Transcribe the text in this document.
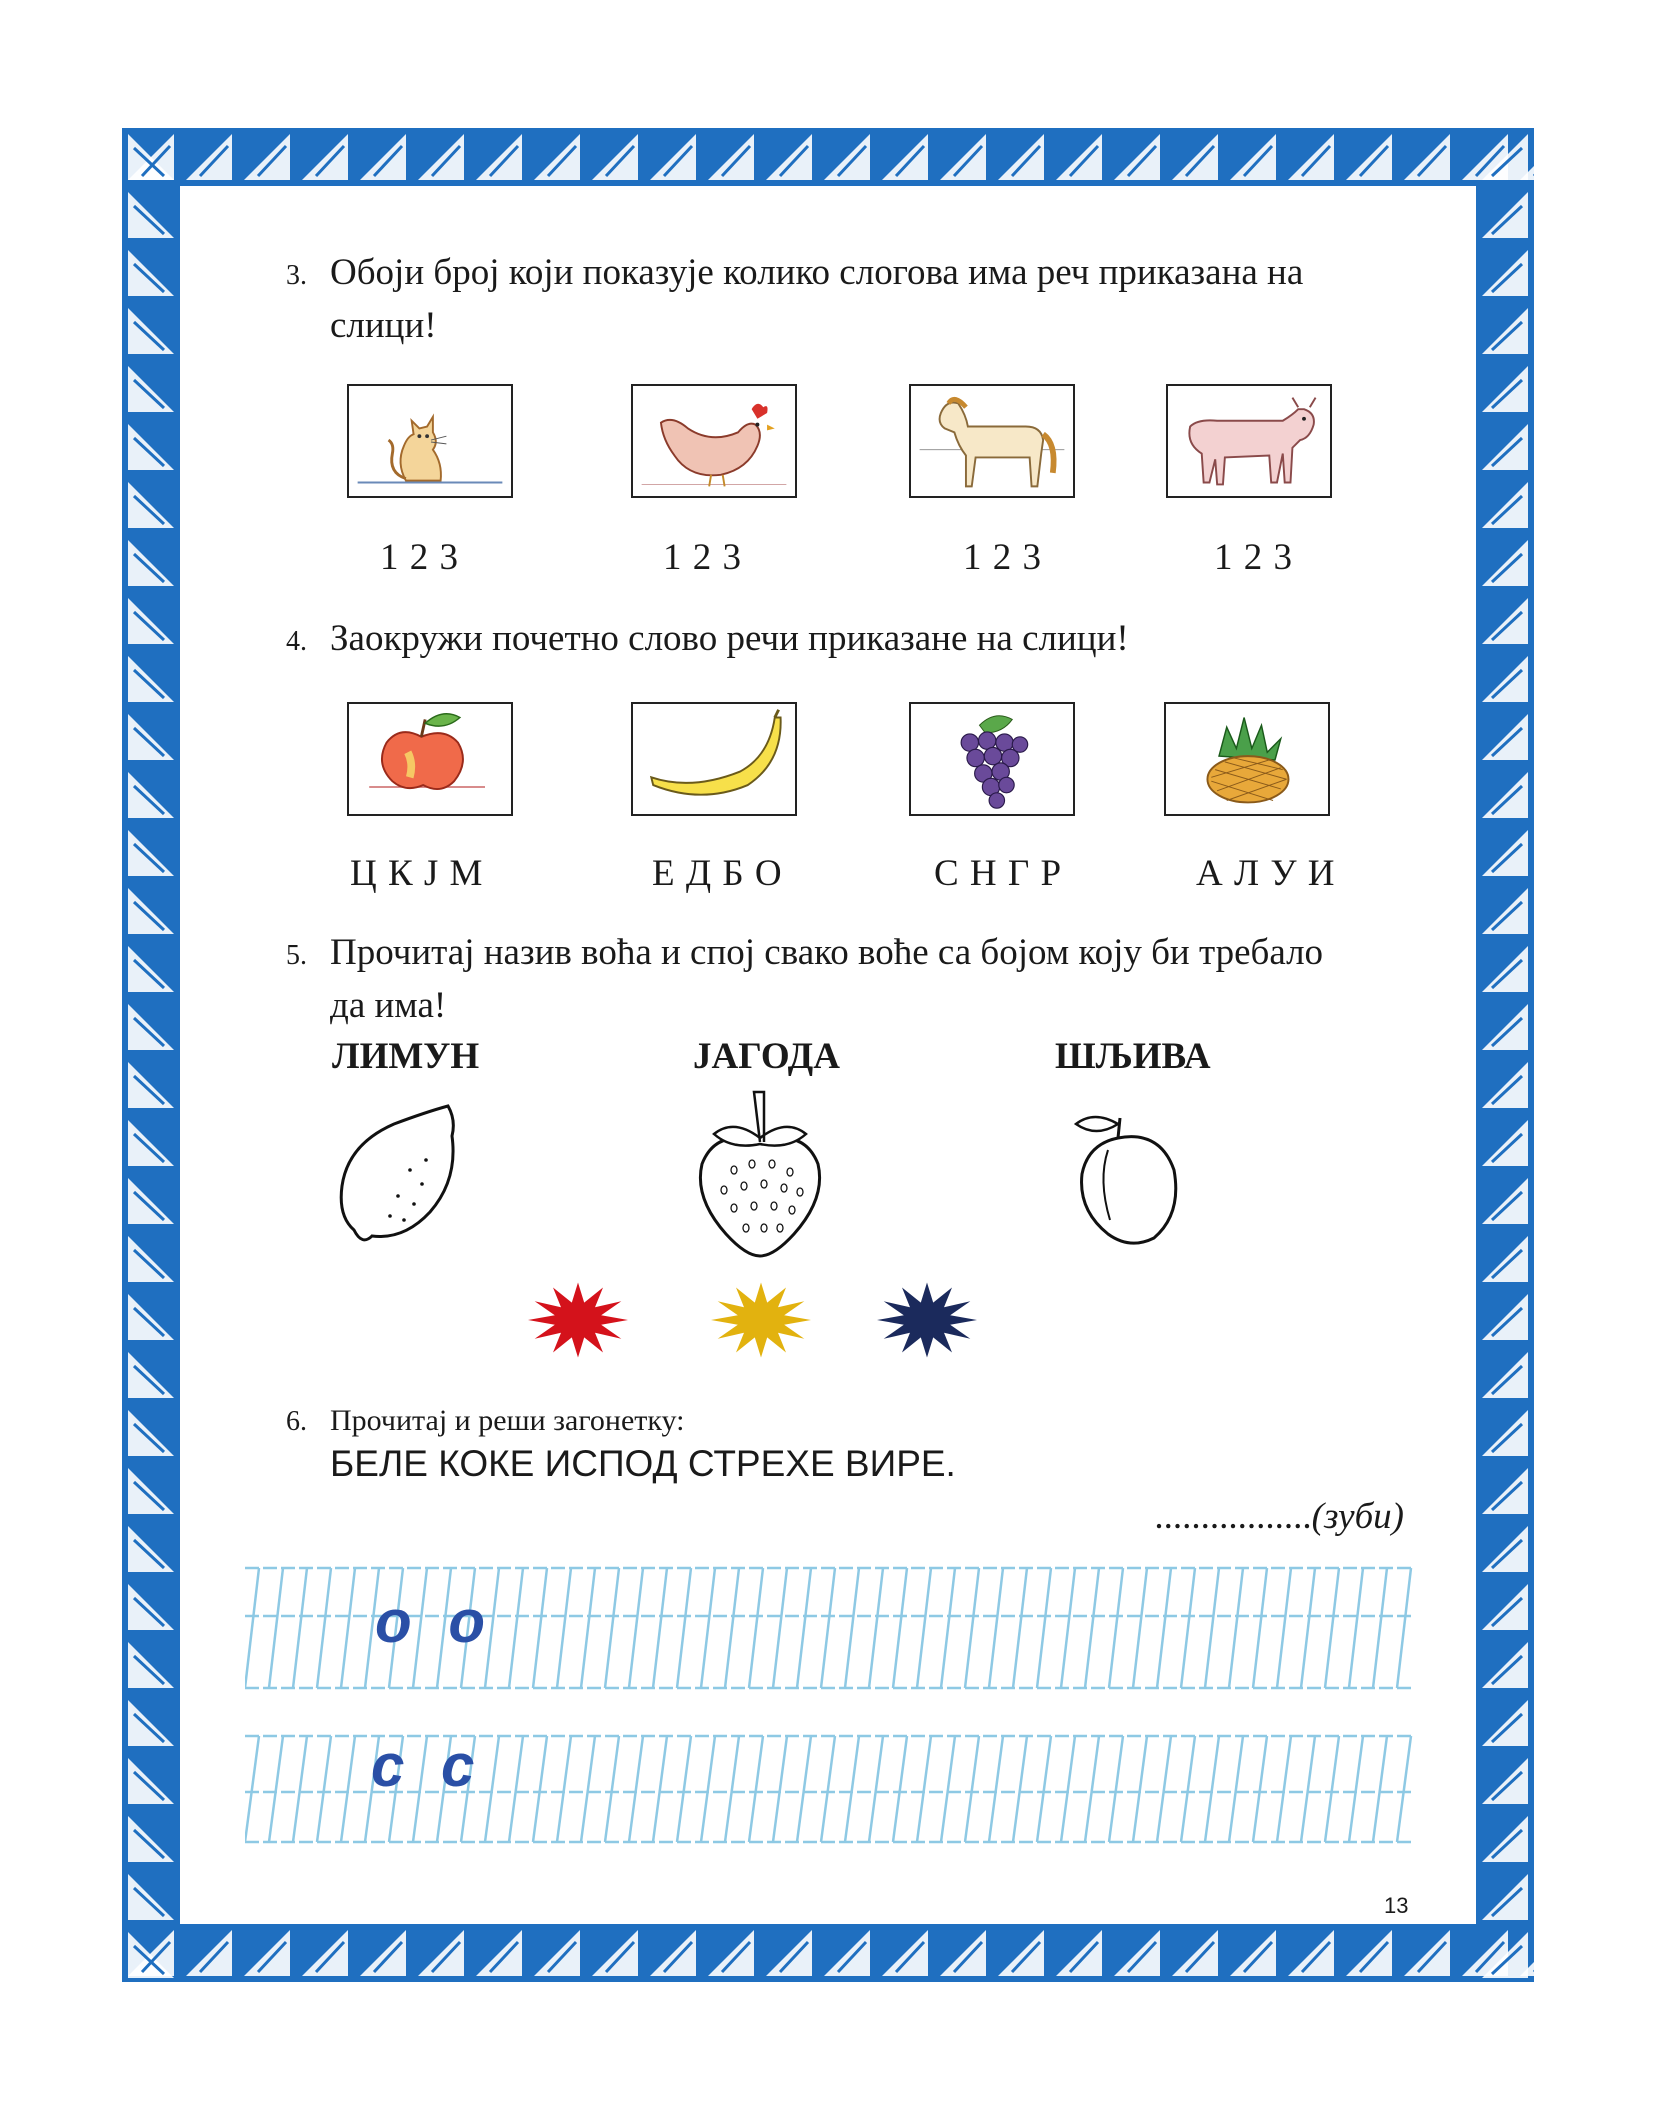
3. Обоји број који показује колико слогова има реч приказана на
слици!
1 2 3	1 2 3	1 2 3	1 2 3
4. Заокружи почетно слово речи приказане на слици!
Ц К Ј М	Е Д Б О	С Н Г Р	А Л У И
5. Прочитај назив воћа и спој свако воће са бојом коју би требало
да има!
ЛИМУН	ЈАГОДА	ШЉИВА
6. Прочитај и реши загонетку:
БЕЛЕ КОКЕ ИСПОД СТРЕХЕ ВИРЕ.
.................(зуби)
o o
c c
13
